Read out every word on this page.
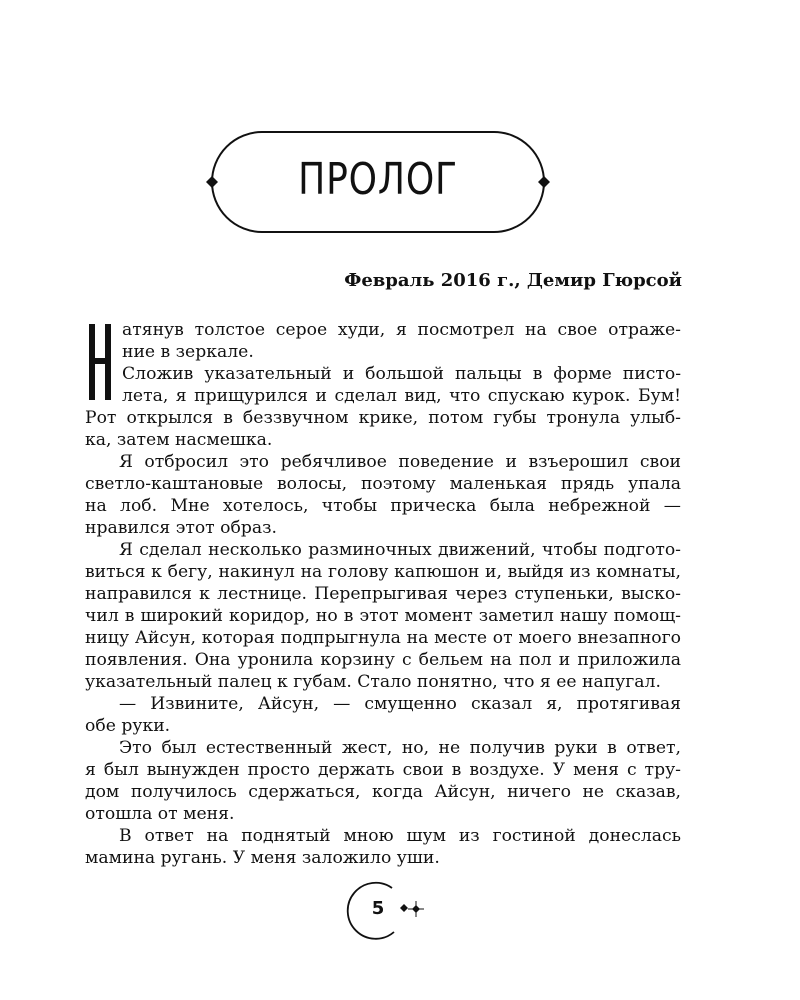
ПРОЛОГ
Февраль 2016 г., Демир Гюрсой
атянув толстое серое худи, я посмотрел на свое отраже-
ние в зеркале.
Сложив указательный и большой пальцы в форме писто-
лета, я прищурился и сделал вид, что спускаю курок. Бум!
Рот открылся в беззвучном крике, потом губы тронула улыб-
ка, затем насмешка.
Я отбросил это ребячливое поведение и взъерошил свои
светло-каштановые волосы, поэтому маленькая прядь упала
на лоб. Мне хотелось, чтобы прическа была небрежной —
нравился этот образ.
Я сделал несколько разминочных движений, чтобы подгото-
виться к бегу, накинул на голову капюшон и, выйдя из комнаты,
направился к лестнице. Перепрыгивая через ступеньки, выско-
чил в широкий коридор, но в этот момент заметил нашу помощ-
ницу Айсун, которая подпрыгнула на месте от моего внезапного
появления. Она уронила корзину с бельем на пол и приложила
указательный палец к губам. Стало понятно, что я ее напугал.
— Извините, Айсун, — смущенно сказал я, протягивая
обе руки.
Это был естественный жест, но, не получив руки в ответ,
я был вынужден просто держать свои в воздухе. У меня с тру-
дом получилось сдержаться, когда Айсун, ничего не сказав,
отошла от меня.
В ответ на поднятый мною шум из гостиной донеслась
мамина ругань. У меня заложило уши.
5
